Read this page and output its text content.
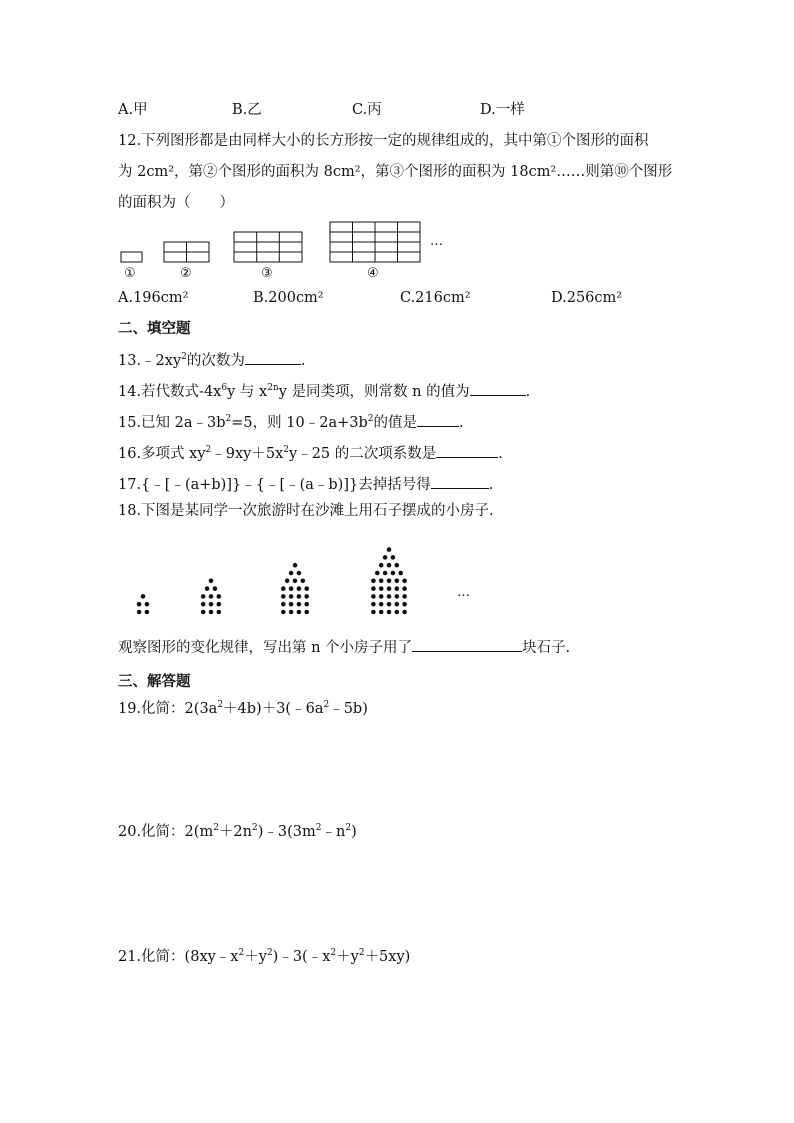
A.甲	B.乙	C.丙	D.一样
12.下列图形都是由同样大小的长方形按一定的规律组成的，其中第①个图形的面积
为 2cm²，第②个图形的面积为 8cm²，第③个图形的面积为 18cm²……则第⑩个图形
的面积为（　　）
…
①	②	③	④
…
A.196cm²	B.200cm²	C.216cm²	D.256cm²
二、填空题
$13.﹣2xy^2$的次数为	.
14.若代数式$-4x^6y$ 与 $x^{2n}y$ 是同类项，则常数 n 的值为	.
15.已知 $2a﹣3b^2=5$，则 $10﹣2a+3b^2$的值是	.
16.多项式 $xy^2﹣9xy+5x^2y﹣25$ 的二次项系数是	.
17.{﹣[﹣(a+b)]}﹣{﹣[﹣(a﹣b)]}去掉括号得	.
18.下图是某同学一次旅游时在沙滩上用石子摆成的小房子.
观察图形的变化规律，写出第 n 个小房子用了	块石子.
三、解答题
19.化简：$2(3a^2+4b)+3(﹣6a^2﹣5b)$
20.化简：$2(m^2+2n^2)﹣3(3m^2﹣n^2)$
21.化简：$(8xy﹣x^2+y^2)﹣3(﹣x^2+y^2+5xy)$
